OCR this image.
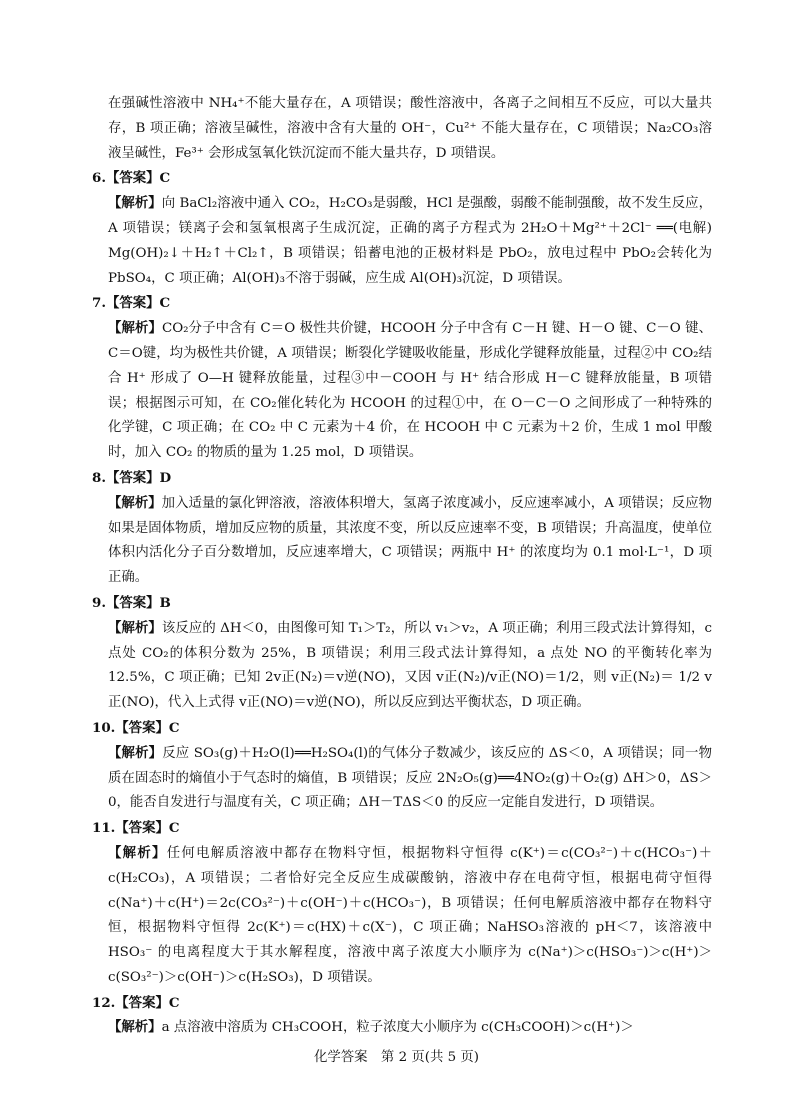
在强碱性溶液中 NH₄⁺不能大量存在，A 项错误；酸性溶液中，各离子之间相互不反应，可以大量共存，B 项正确；溶液呈碱性，溶液中含有大量的 OH⁻，Cu²⁺ 不能大量存在，C 项错误；Na₂CO₃溶液呈碱性，Fe³⁺ 会形成氢氧化铁沉淀而不能大量共存，D 项错误。

6.【答案】C

【解析】向 BaCl₂溶液中通入 CO₂，H₂CO₃是弱酸，HCl 是强酸，弱酸不能制强酸，故不发生反应，A 项错误；镁离子会和氢氧根离子生成沉淀，正确的离子方程式为 2H₂O＋Mg²⁺＋2Cl⁻ ══(电解) Mg(OH)₂↓＋H₂↑＋Cl₂↑，B 项错误；铅蓄电池的正极材料是 PbO₂，放电过程中 PbO₂会转化为 PbSO₄，C 项正确；Al(OH)₃不溶于弱碱，应生成 Al(OH)₃沉淀，D 项错误。

7.【答案】C

【解析】CO₂分子中含有 C＝O 极性共价键，HCOOH 分子中含有 C－H 键、H－O 键、C－O 键、C＝O键，均为极性共价键，A 项错误；断裂化学键吸收能量，形成化学键释放能量，过程②中 CO₂结合 H⁺ 形成了 O—H 键释放能量，过程③中－COOH 与 H⁺ 结合形成 H－C 键释放能量，B 项错误；根据图示可知，在 CO₂催化转化为 HCOOH 的过程①中，在 O－C－O 之间形成了一种特殊的化学键，C 项正确；在 CO₂ 中 C 元素为＋4 价，在 HCOOH 中 C 元素为＋2 价，生成 1 mol 甲酸时，加入 CO₂ 的物质的量为 1.25 mol，D 项错误。

8.【答案】D

【解析】加入适量的氯化钾溶液，溶液体积增大，氢离子浓度减小，反应速率减小，A 项错误；反应物如果是固体物质，增加反应物的质量，其浓度不变，所以反应速率不变，B 项错误；升高温度，使单位体积内活化分子百分数增加，反应速率增大，C 项错误；两瓶中 H⁺ 的浓度均为 0.1 mol·L⁻¹，D 项正确。

9.【答案】B

【解析】该反应的 ΔH＜0，由图像可知 T₁＞T₂，所以 v₁＞v₂，A 项正确；利用三段式法计算得知，c 点处 CO₂的体积分数为 25%，B 项错误；利用三段式法计算得知，a 点处 NO 的平衡转化率为 12.5%，C 项正确；已知 2v正(N₂)＝v逆(NO)，又因 v正(N₂)/v正(NO)＝1/2，则 v正(N₂)＝ 1/2 v正(NO)，代入上式得 v正(NO)＝v逆(NO)，所以反应到达平衡状态，D 项正确。

10.【答案】C

【解析】反应 SO₃(g)＋H₂O(l)══H₂SO₄(l)的气体分子数减少，该反应的 ΔS＜0，A 项错误；同一物质在固态时的熵值小于气态时的熵值，B 项错误；反应 2N₂O₅(g)══4NO₂(g)＋O₂(g) ΔH＞0，ΔS＞0，能否自发进行与温度有关，C 项正确；ΔH－TΔS＜0 的反应一定能自发进行，D 项错误。

11.【答案】C

【解析】任何电解质溶液中都存在物料守恒，根据物料守恒得 c(K⁺)＝c(CO₃²⁻)＋c(HCO₃⁻)＋c(H₂CO₃)，A 项错误；二者恰好完全反应生成碳酸钠，溶液中存在电荷守恒，根据电荷守恒得 c(Na⁺)＋c(H⁺)＝2c(CO₃²⁻)＋c(OH⁻)＋c(HCO₃⁻)，B 项错误；任何电解质溶液中都存在物料守恒，根据物料守恒得 2c(K⁺)＝c(HX)＋c(X⁻)，C 项正确；NaHSO₃溶液的 pH＜7，该溶液中 HSO₃⁻ 的电离程度大于其水解程度，溶液中离子浓度大小顺序为 c(Na⁺)＞c(HSO₃⁻)＞c(H⁺)＞c(SO₃²⁻)＞c(OH⁻)＞c(H₂SO₃)，D 项错误。

12.【答案】C

【解析】a 点溶液中溶质为 CH₃COOH，粒子浓度大小顺序为 c(CH₃COOH)＞c(H⁺)＞

化学答案　第 2 页(共 5 页)
